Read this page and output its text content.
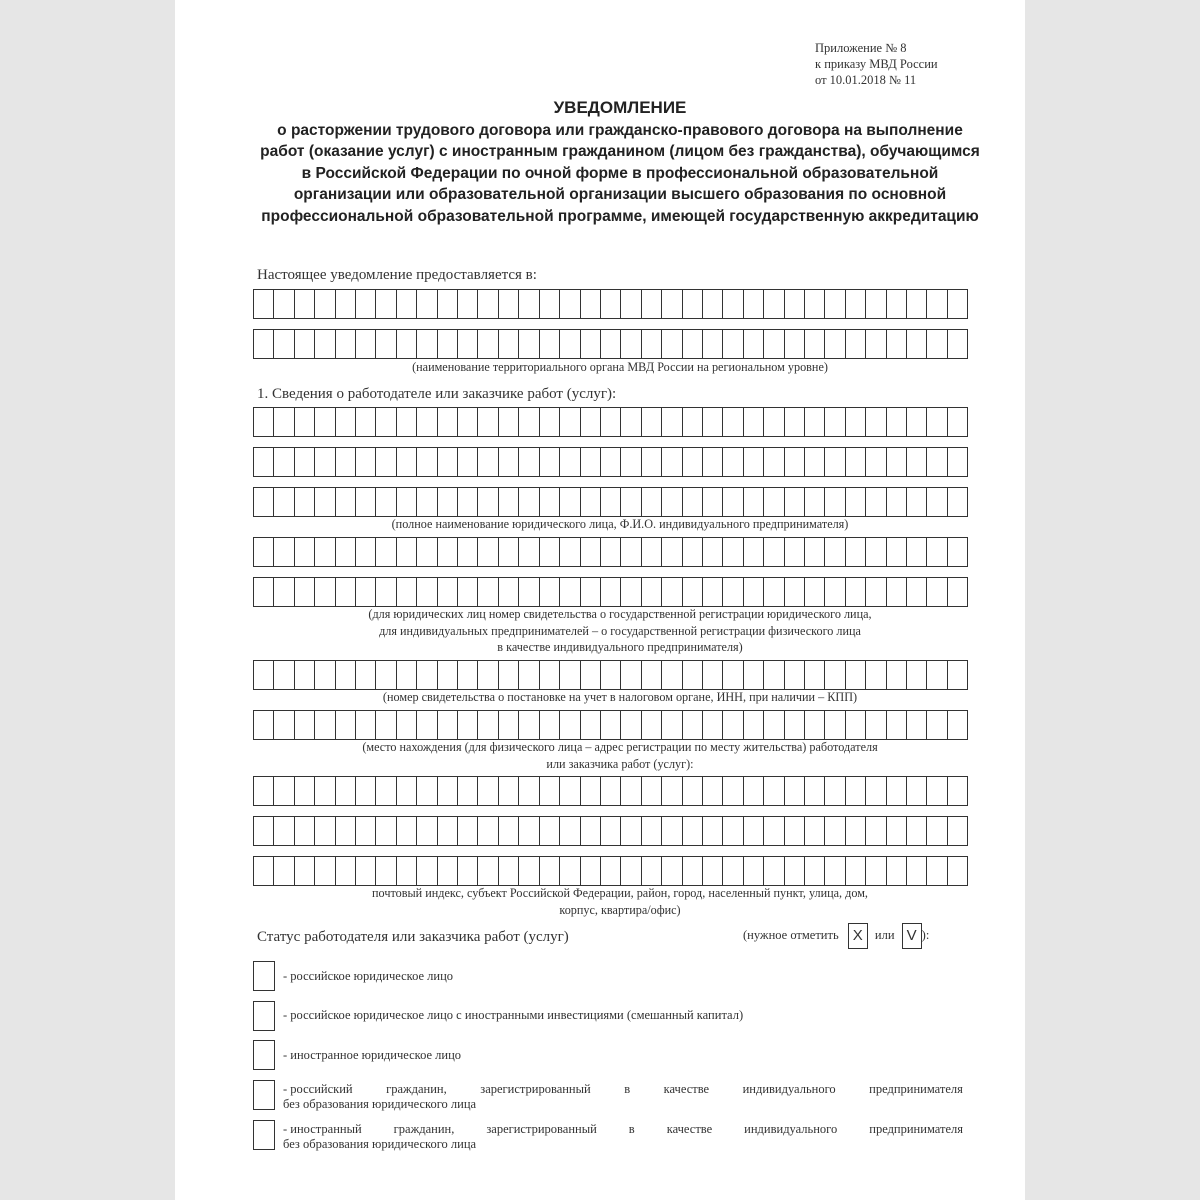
Приложение № 8
к приказу МВД России
от 10.01.2018 № 11
УВЕДОМЛЕНИЕ
о расторжении трудового договора или гражданско-правового договора на выполнение работ (оказание услуг) с иностранным гражданином (лицом без гражданства), обучающимся в Российской Федерации по очной форме в профессиональной образовательной организации или образовательной организации высшего образования по основной профессиональной образовательной программе, имеющей государственную аккредитацию
Настоящее уведомление предоставляется в:
(наименование территориального органа МВД России на региональном уровне)
1. Сведения о работодателе или заказчике работ (услуг):
(полное наименование юридического лица, Ф.И.О. индивидуального предпринимателя)
(для юридических лиц номер свидетельства о государственной регистрации юридического лица,
для индивидуальных предпринимателей – о государственной регистрации физического лица
в качестве индивидуального предпринимателя)
(номер свидетельства о постановке на учет в налоговом органе, ИНН, при наличии – КПП)
(место нахождения (для физического лица – адрес регистрации по месту жительства) работодателя
или заказчика работ (услуг):
почтовый индекс, субъект Российской Федерации, район, город, населенный пункт, улица, дом,
корпус, квартира/офис)
Статус работодателя или заказчика работ (услуг)	(нужное отметить X или V ):
- российское юридическое лицо
- российское юридическое лицо с иностранными инвестициями (смешанный капитал)
- иностранное юридическое лицо
- российский	гражданин,	зарегистрированный	в	качестве	индивидуального	предпринимателя
без образования юридического лица
- иностранный	гражданин,	зарегистрированный	в	качестве	индивидуального	предпринимателя
без образования юридического лица
